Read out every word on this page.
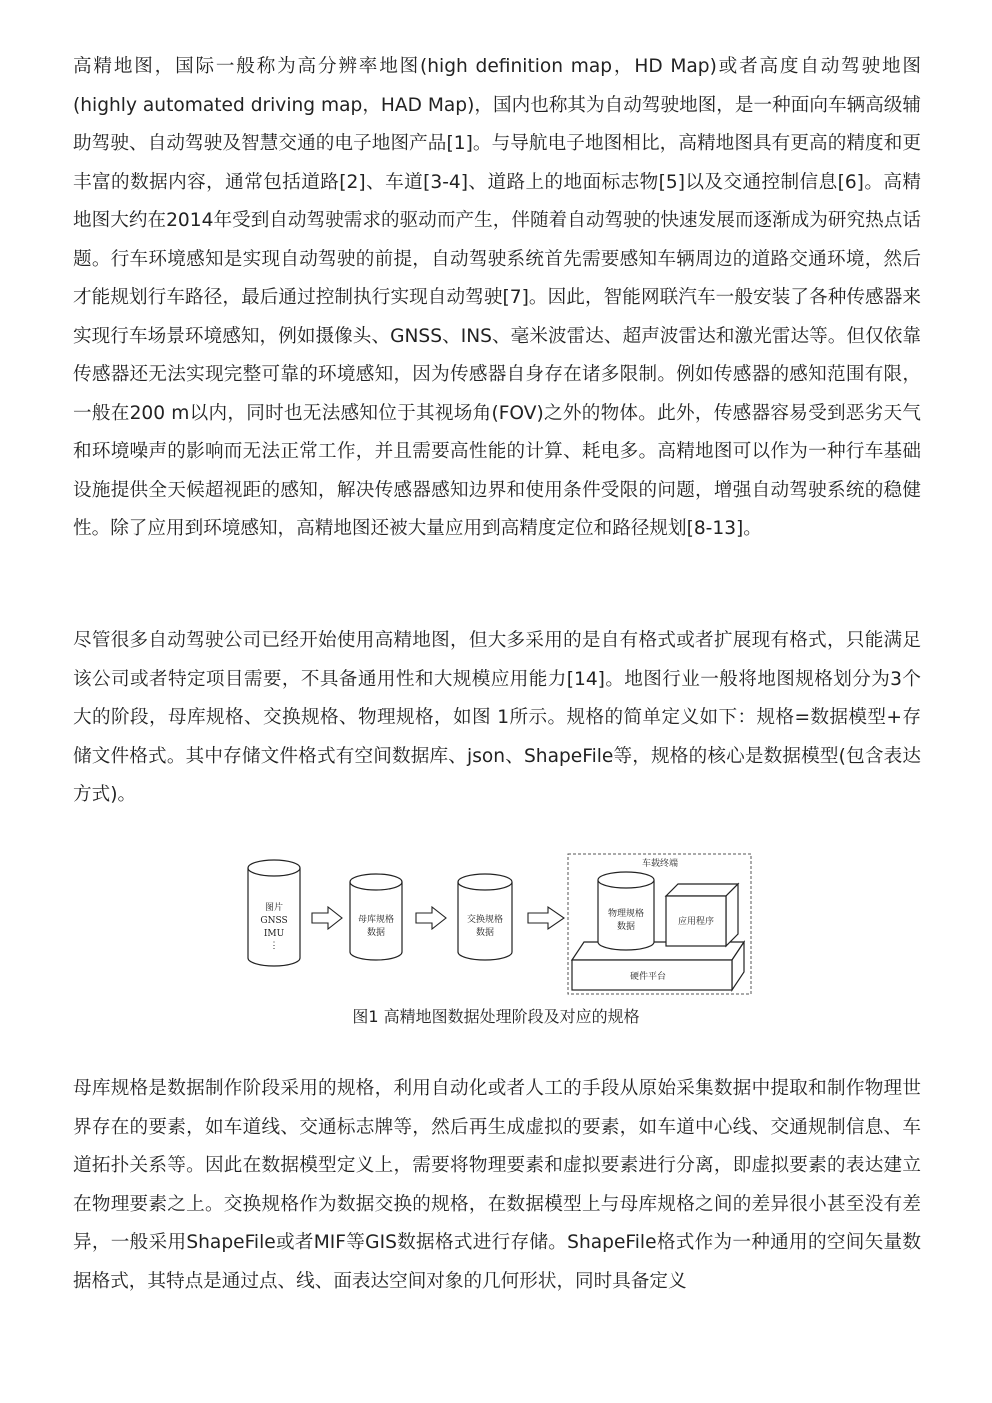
高精地图，国际一般称为高分辨率地图(high definition map，HD Map)或者高度自动驾驶地图(highly automated driving map，HAD Map)，国内也称其为自动驾驶地图，是一种面向车辆高级辅助驾驶、自动驾驶及智慧交通的电子地图产品[1]。与导航电子地图相比，高精地图具有更高的精度和更丰富的数据内容，通常包括道路[2]、车道[3-4]、道路上的地面标志物[5]以及交通控制信息[6]。高精地图大约在2014年受到自动驾驶需求的驱动而产生，伴随着自动驾驶的快速发展而逐渐成为研究热点话题。行车环境感知是实现自动驾驶的前提，自动驾驶系统首先需要感知车辆周边的道路交通环境，然后才能规划行车路径，最后通过控制执行实现自动驾驶[7]。因此，智能网联汽车一般安装了各种传感器来实现行车场景环境感知，例如摄像头、GNSS、INS、毫米波雷达、超声波雷达和激光雷达等。但仅依靠传感器还无法实现完整可靠的环境感知，因为传感器自身存在诸多限制。例如传感器的感知范围有限，一般在200 m以内，同时也无法感知位于其视场角(FOV)之外的物体。此外，传感器容易受到恶劣天气和环境噪声的影响而无法正常工作，并且需要高性能的计算、耗电多。高精地图可以作为一种行车基础设施提供全天候超视距的感知，解决传感器感知边界和使用条件受限的问题，增强自动驾驶系统的稳健性。除了应用到环境感知，高精地图还被大量应用到高精度定位和路径规划[8-13]。

尽管很多自动驾驶公司已经开始使用高精地图，但大多采用的是自有格式或者扩展现有格式，只能满足该公司或者特定项目需要，不具备通用性和大规模应用能力[14]。地图行业一般将地图规格划分为3个大的阶段，母库规格、交换规格、物理规格，如图 1所示。规格的简单定义如下：规格=数据模型+存储文件格式。其中存储文件格式有空间数据库、json、ShapeFile等，规格的核心是数据模型(包含表达方式)。

图片
GNSS
IMU
⋮
母库规格
数据
交换规格
数据
车载终端
硬件平台
物理规格
数据	应用程序

图1 高精地图数据处理阶段及对应的规格

母库规格是数据制作阶段采用的规格，利用自动化或者人工的手段从原始采集数据中提取和制作物理世界存在的要素，如车道线、交通标志牌等，然后再生成虚拟的要素，如车道中心线、交通规制信息、车道拓扑关系等。因此在数据模型定义上，需要将物理要素和虚拟要素进行分离，即虚拟要素的表达建立在物理要素之上。交换规格作为数据交换的规格，在数据模型上与母库规格之间的差异很小甚至没有差异，一般采用ShapeFile或者MIF等GIS数据格式进行存储。ShapeFile格式作为一种通用的空间矢量数据格式，其特点是通过点、线、面表达空间对象的几何形状，同时具备定义
